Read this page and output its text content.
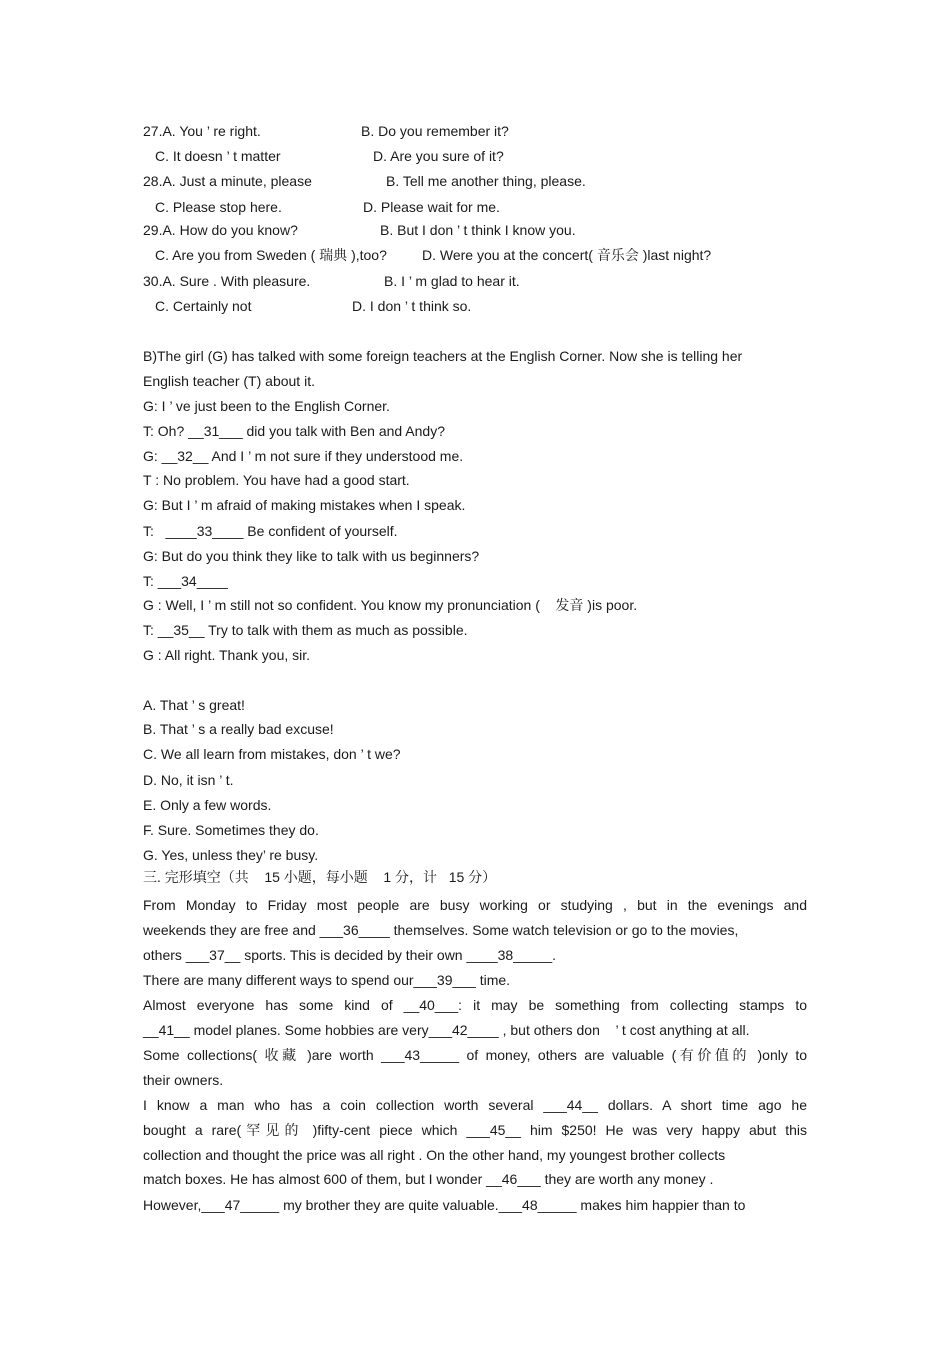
27.A. You ’ re right.	B. Do you remember it?
C. It doesn ’ t matter	D. Are you sure of it?
28.A. Just a minute, please	B. Tell me another thing, please.
C. Please stop here.	D. Please wait for me.
29.A. How do you know?	B. But I don ’ t think I know you.
C. Are you from Sweden ( 瑞典 ),too?	D. Were you at the concert( 音乐会 )last night?
30.A. Sure . With pleasure.	B. I ’ m glad to hear it.
C. Certainly not	D. I don ’ t think so.
B)The girl (G) has talked with some foreign teachers at the English Corner. Now she is telling her
English teacher (T) about it.
G: I ’ ve just been to the English Corner.
T: Oh? __31___ did you talk with Ben and Andy?
G: __32__ And I ’ m not sure if they understood me.
T : No problem. You have had a good start.
G: But I ’ m afraid of making mistakes when I speak.
T:   ____33____ Be confident of yourself.
G: But do you think they like to talk with us beginners?
T: ___34____
G : Well, I ’ m still not so confident. You know my pronunciation (    发音 )is poor.
T: __35__ Try to talk with them as much as possible.
G : All right. Thank you, sir.
A. That ’ s great!
B. That ’ s a really bad excuse!
C. We all learn from mistakes, don ’ t we?
D. No, it isn ’ t.
E. Only a few words.
F. Sure. Sometimes they do.
G. Yes, unless they’ re busy.
三. 完形填空（共    15 小题，每小题    1 分，计   15 分）
From Monday to Friday most people are busy working or studying , but in the evenings and
weekends they are free and ___36____ themselves. Some watch television or go to the movies,
others ___37__ sports. This is decided by their own ____38_____.
There are many different ways to spend our___39___ time.
Almost everyone has some kind of __40___: it may be something from collecting stamps to
__41__ model planes. Some hobbies are very___42____ , but others don    ’ t cost anything at all.
Some collections( 收藏 )are worth ___43_____ of money, others are valuable (有价值的 )only to
their owners.
I know a man who has a coin collection worth several ___44__ dollars. A short time ago he
bought a rare(罕见的 )fifty-cent piece which ___45__ him $250! He was very happy abut this
collection and thought the price was all right . On the other hand, my youngest brother collects
match boxes. He has almost 600 of them, but I wonder __46___ they are worth any money .
However,___47_____ my brother they are quite valuable.___48_____ makes him happier than to
